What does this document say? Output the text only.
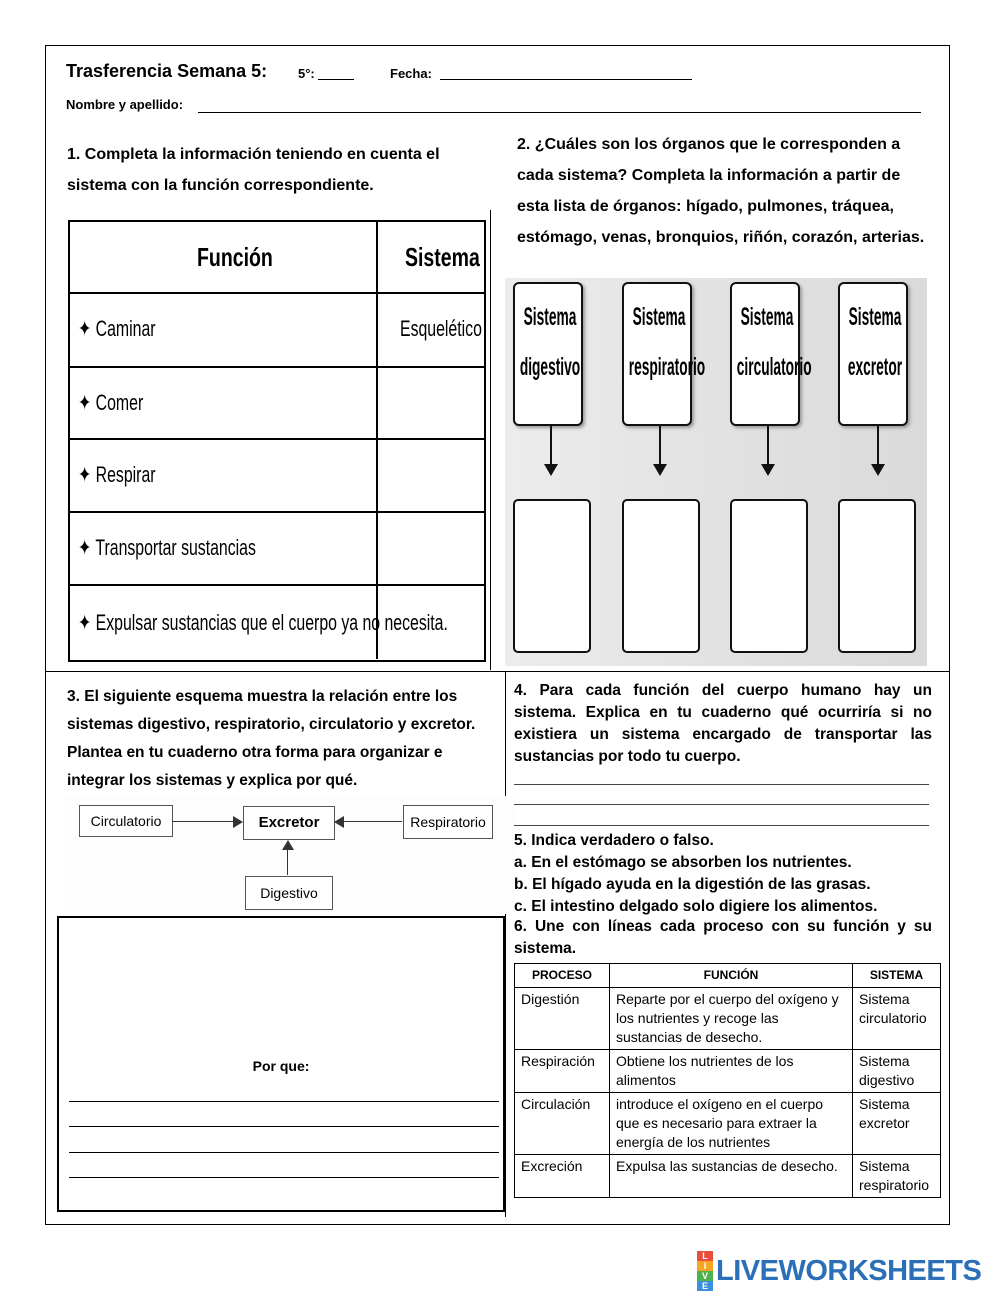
Trasferencia Semana 5: 5°:	Fecha:
Nombre y apellido:
1. Completa la información teniendo en cuenta el
sistema con la función correspondiente.
Función	Sistema
✦ Caminar	Esquelético
✦ Comer
✦ Respirar
✦ Transportar sustancias
✦ Expulsar sustancias que el cuerpo ya no necesita.
2. ¿Cuáles son los órganos que le corresponden a
cada sistema? Completa la información a partir de
esta lista de órganos: hígado, pulmones, tráquea,
estómago, venas, bronquios, riñón, corazón, arterias.
Sistema
digestivo
Sistema
respiratorio
Sistema
circulatorio
Sistema
excretor
3. El siguiente esquema muestra la relación entre los
sistemas digestivo, respiratorio, circulatorio y excretor.
Plantea en tu cuaderno otra forma para organizar e
integrar los sistemas y explica por qué.
Circulatorio	Excretor	Respiratorio
Digestivo
Por que:
4. Para cada función del cuerpo humano hay un
sistema. Explica en tu cuaderno qué ocurriría si no
existiera un sistema encargado de transportar las
sustancias por todo tu cuerpo.
5. Indica verdadero o falso.
a. En el estómago se absorben los nutrientes.
b. El hígado ayuda en la digestión de las grasas.
c. El intestino delgado solo digiere los alimentos.
6. Une con líneas cada proceso con su función y su
sistema.
PROCESO	FUNCIÓN	SISTEMA
Digestión	Reparte por el cuerpo del oxígeno y los nutrientes y recoge las sustancias de desecho.	Sistema circulatorio
Respiración	Obtiene los nutrientes de los alimentos	Sistema digestivo
Circulación	introduce el oxígeno en el cuerpo que es necesario para extraer la energía de los nutrientes	Sistema excretor
Excreción	Expulsa las sustancias de desecho.	Sistema respiratorio
L
I
V
E LIVEWORKSHEETS
